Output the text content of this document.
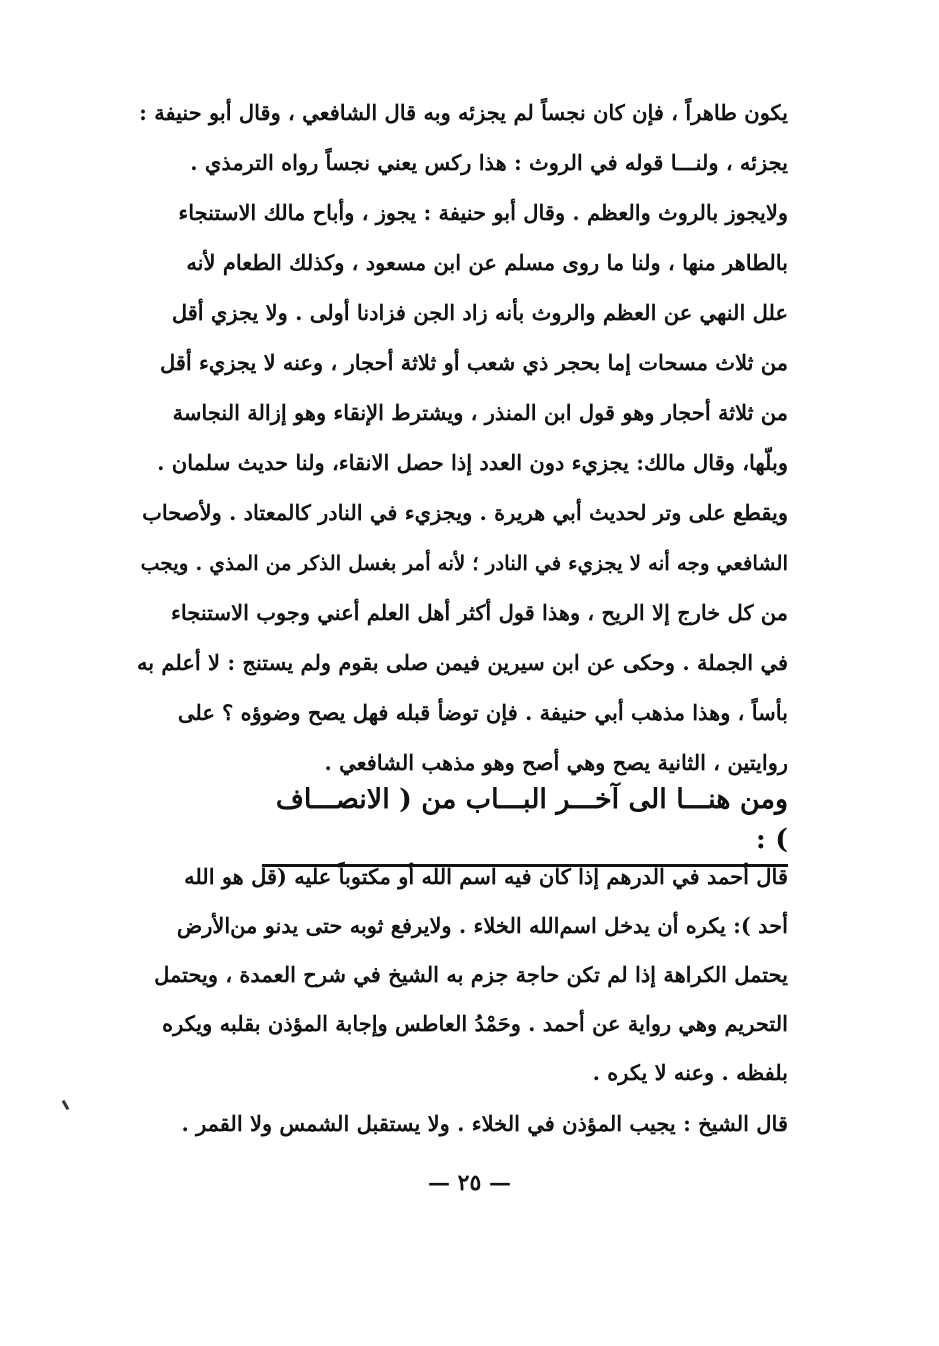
يكون طاهراً ، فإن كان نجساً لم يجزئه وبه قال الشافعي ، وقال أبو حنيفة :
يجزئه ، ولنـــا قوله في الروث : هذا ركس يعني نجساً رواه الترمذي .
ولايجوز بالروث والعظم . وقال أبو حنيفة : يجوز ، وأباح مالك الاستنجاء
بالطاهر منها ، ولنا ما روى مسلم عن ابن مسعود ، وكذلك الطعام لأنه
علل النهي عن العظم والروث بأنه زاد الجن فزادنا أولى . ولا يجزي أقل
من ثلاث مسحات إما بحجر ذي شعب أو ثلاثة أحجار ، وعنه لا يجزيء أقل
من ثلاثة أحجار وهو قول ابن المنذر ، ويشترط الإنقاء وهو إزالة النجاسة
وبلّها، وقال مالك: يجزيء دون العدد إذا حصل الانقاء، ولنا حديث سلمان .
ويقطع على وتر لحديث أبي هريرة . ويجزيء في النادر كالمعتاد . ولأصحاب
الشافعي وجه أنه لا يجزيء في النادر ؛ لأنه أمر بغسل الذكر من المذي . ويجب
من كل خارج إلا الريح ، وهذا قول أكثر أهل العلم أعني وجوب الاستنجاء
في الجملة . وحكى عن ابن سيرين فيمن صلى بقوم ولم يستنج : لا أعلم به
بأساً ، وهذا مذهب أبي حنيفة . فإن توضأ قبله فهل يصح وضوؤه ؟ على
روايتين ، الثانية يصح وهي أصح وهو مذهب الشافعي .
ومن هنـــا الى آخـــر البـــاب من ( الانصـــاف ) :
قال أحمد في الدرهم إذا كان فيه اسم الله أو مكتوباً عليه (قل هو الله
أحد ): يكره أن يدخل اسم‌الله الخلاء . ولايرفع ثوبه حتى يدنو من‌الأرض
يحتمل الكراهة إذا لم تكن حاجة جزم به الشيخ في شرح العمدة ، ويحتمل
التحريم وهي رواية عن أحمد . وحَمْدُ العاطس وإجابة المؤذن بقلبه ويكره
بلفظه . وعنه لا يكره .
قال الشيخ : يجيب المؤذن في الخلاء . ولا يستقبل الشمس ولا القمر .
— ٢٥ —
